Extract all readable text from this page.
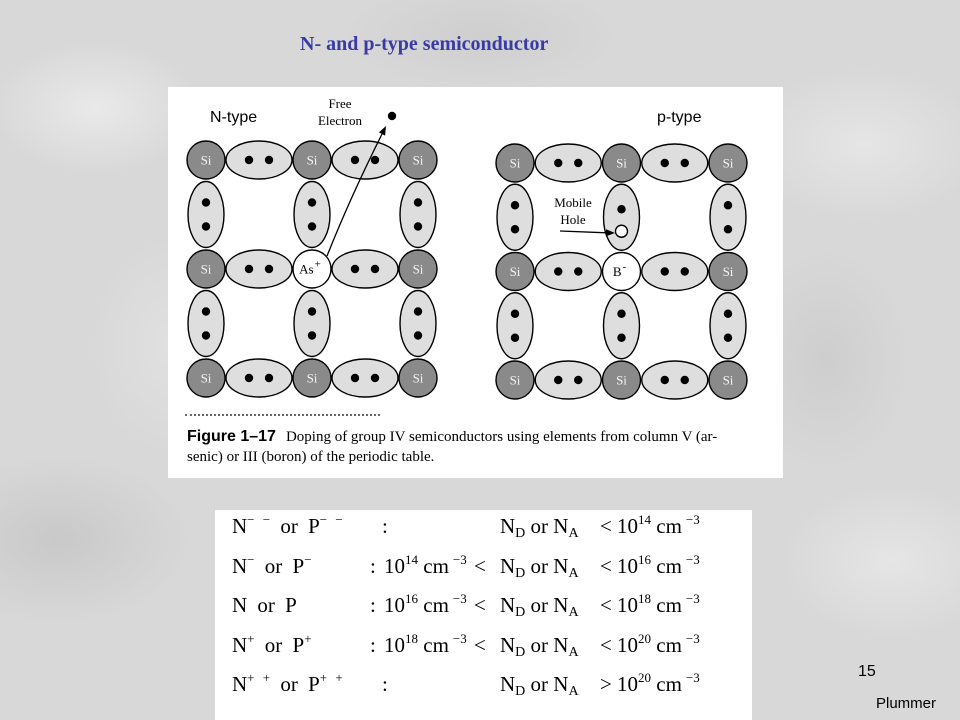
N- and p-type semiconductor
Si	Si	Si
Si	As+	Si
Si	Si	Si
Si	Si	Si
Si	B-	Si
Si	Si	Si
N-type	p-type
Free
Electron
Mobile
Hole
Figure 1–17 Doping of group IV semiconductors using elements from column V (ar-
senic) or III (boron) of the periodic table.
N− − or P− − :	$N_D$ or $N_A < 10^{14}$ cm $^{-3}$
N− or P−	: $10^{14}$ cm $^{-3} < N_D$ or $N_A < 10^{16}$ cm $^{-3}$
N or P	: $10^{16}$ cm $^{-3} < N_D$ or $N_A < 10^{18}$ cm $^{-3}$
N+ or P+	: $10^{18}$ cm $^{-3} < N_D$ or $N_A < 10^{20}$ cm $^{-3}$
N+ + or P+ + :	$N_D$ or $N_A > 10^{20}$ cm $^{-3}$	15
Plummer
